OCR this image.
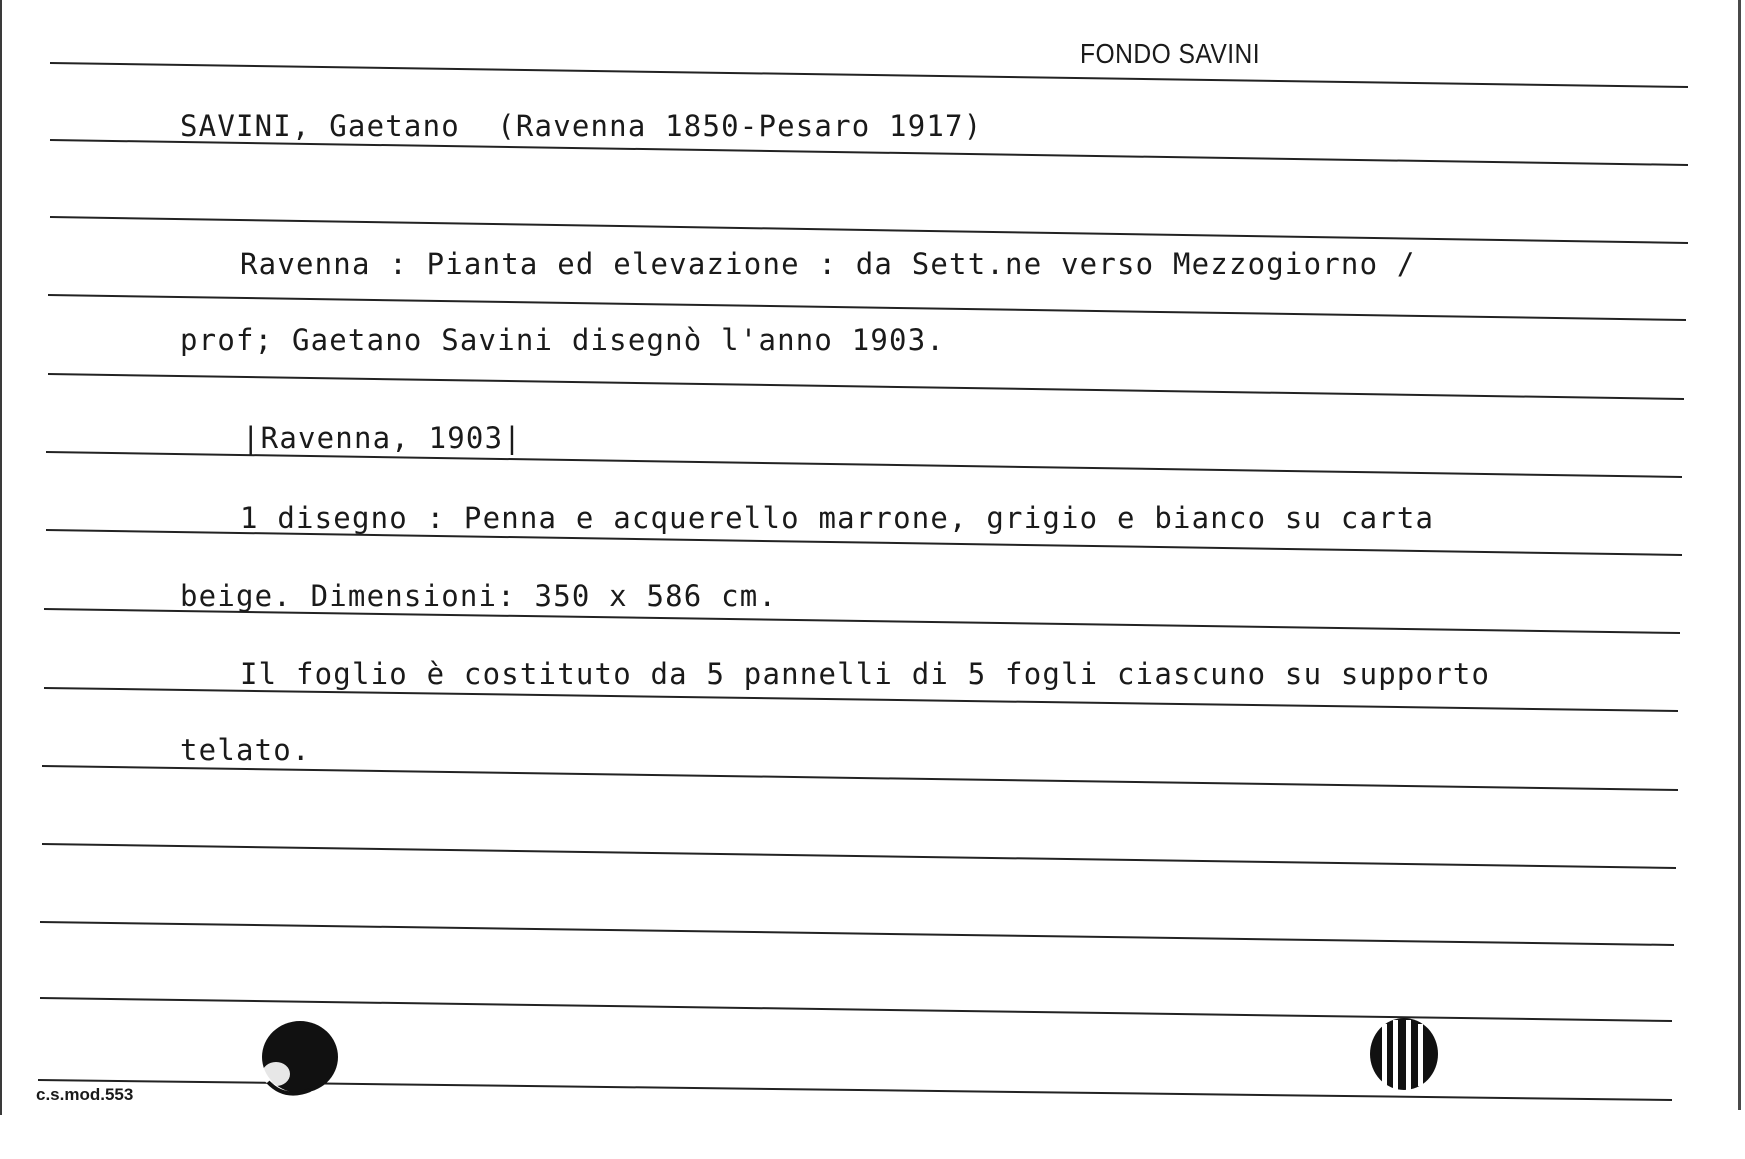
FONDO SAVINI
SAVINI, Gaetano  (Ravenna 1850-Pesaro 1917)
Ravenna : Pianta ed elevazione : da Sett.ne verso Mezzogiorno /
prof; Gaetano Savini disegnò l'anno 1903.
|Ravenna, 1903|
1 disegno : Penna e acquerello marrone, grigio e bianco su carta
beige. Dimensioni: 350 x 586 cm.
Il foglio è costituto da 5 pannelli di 5 fogli ciascuno su supporto
telato.
c.s.mod.553
